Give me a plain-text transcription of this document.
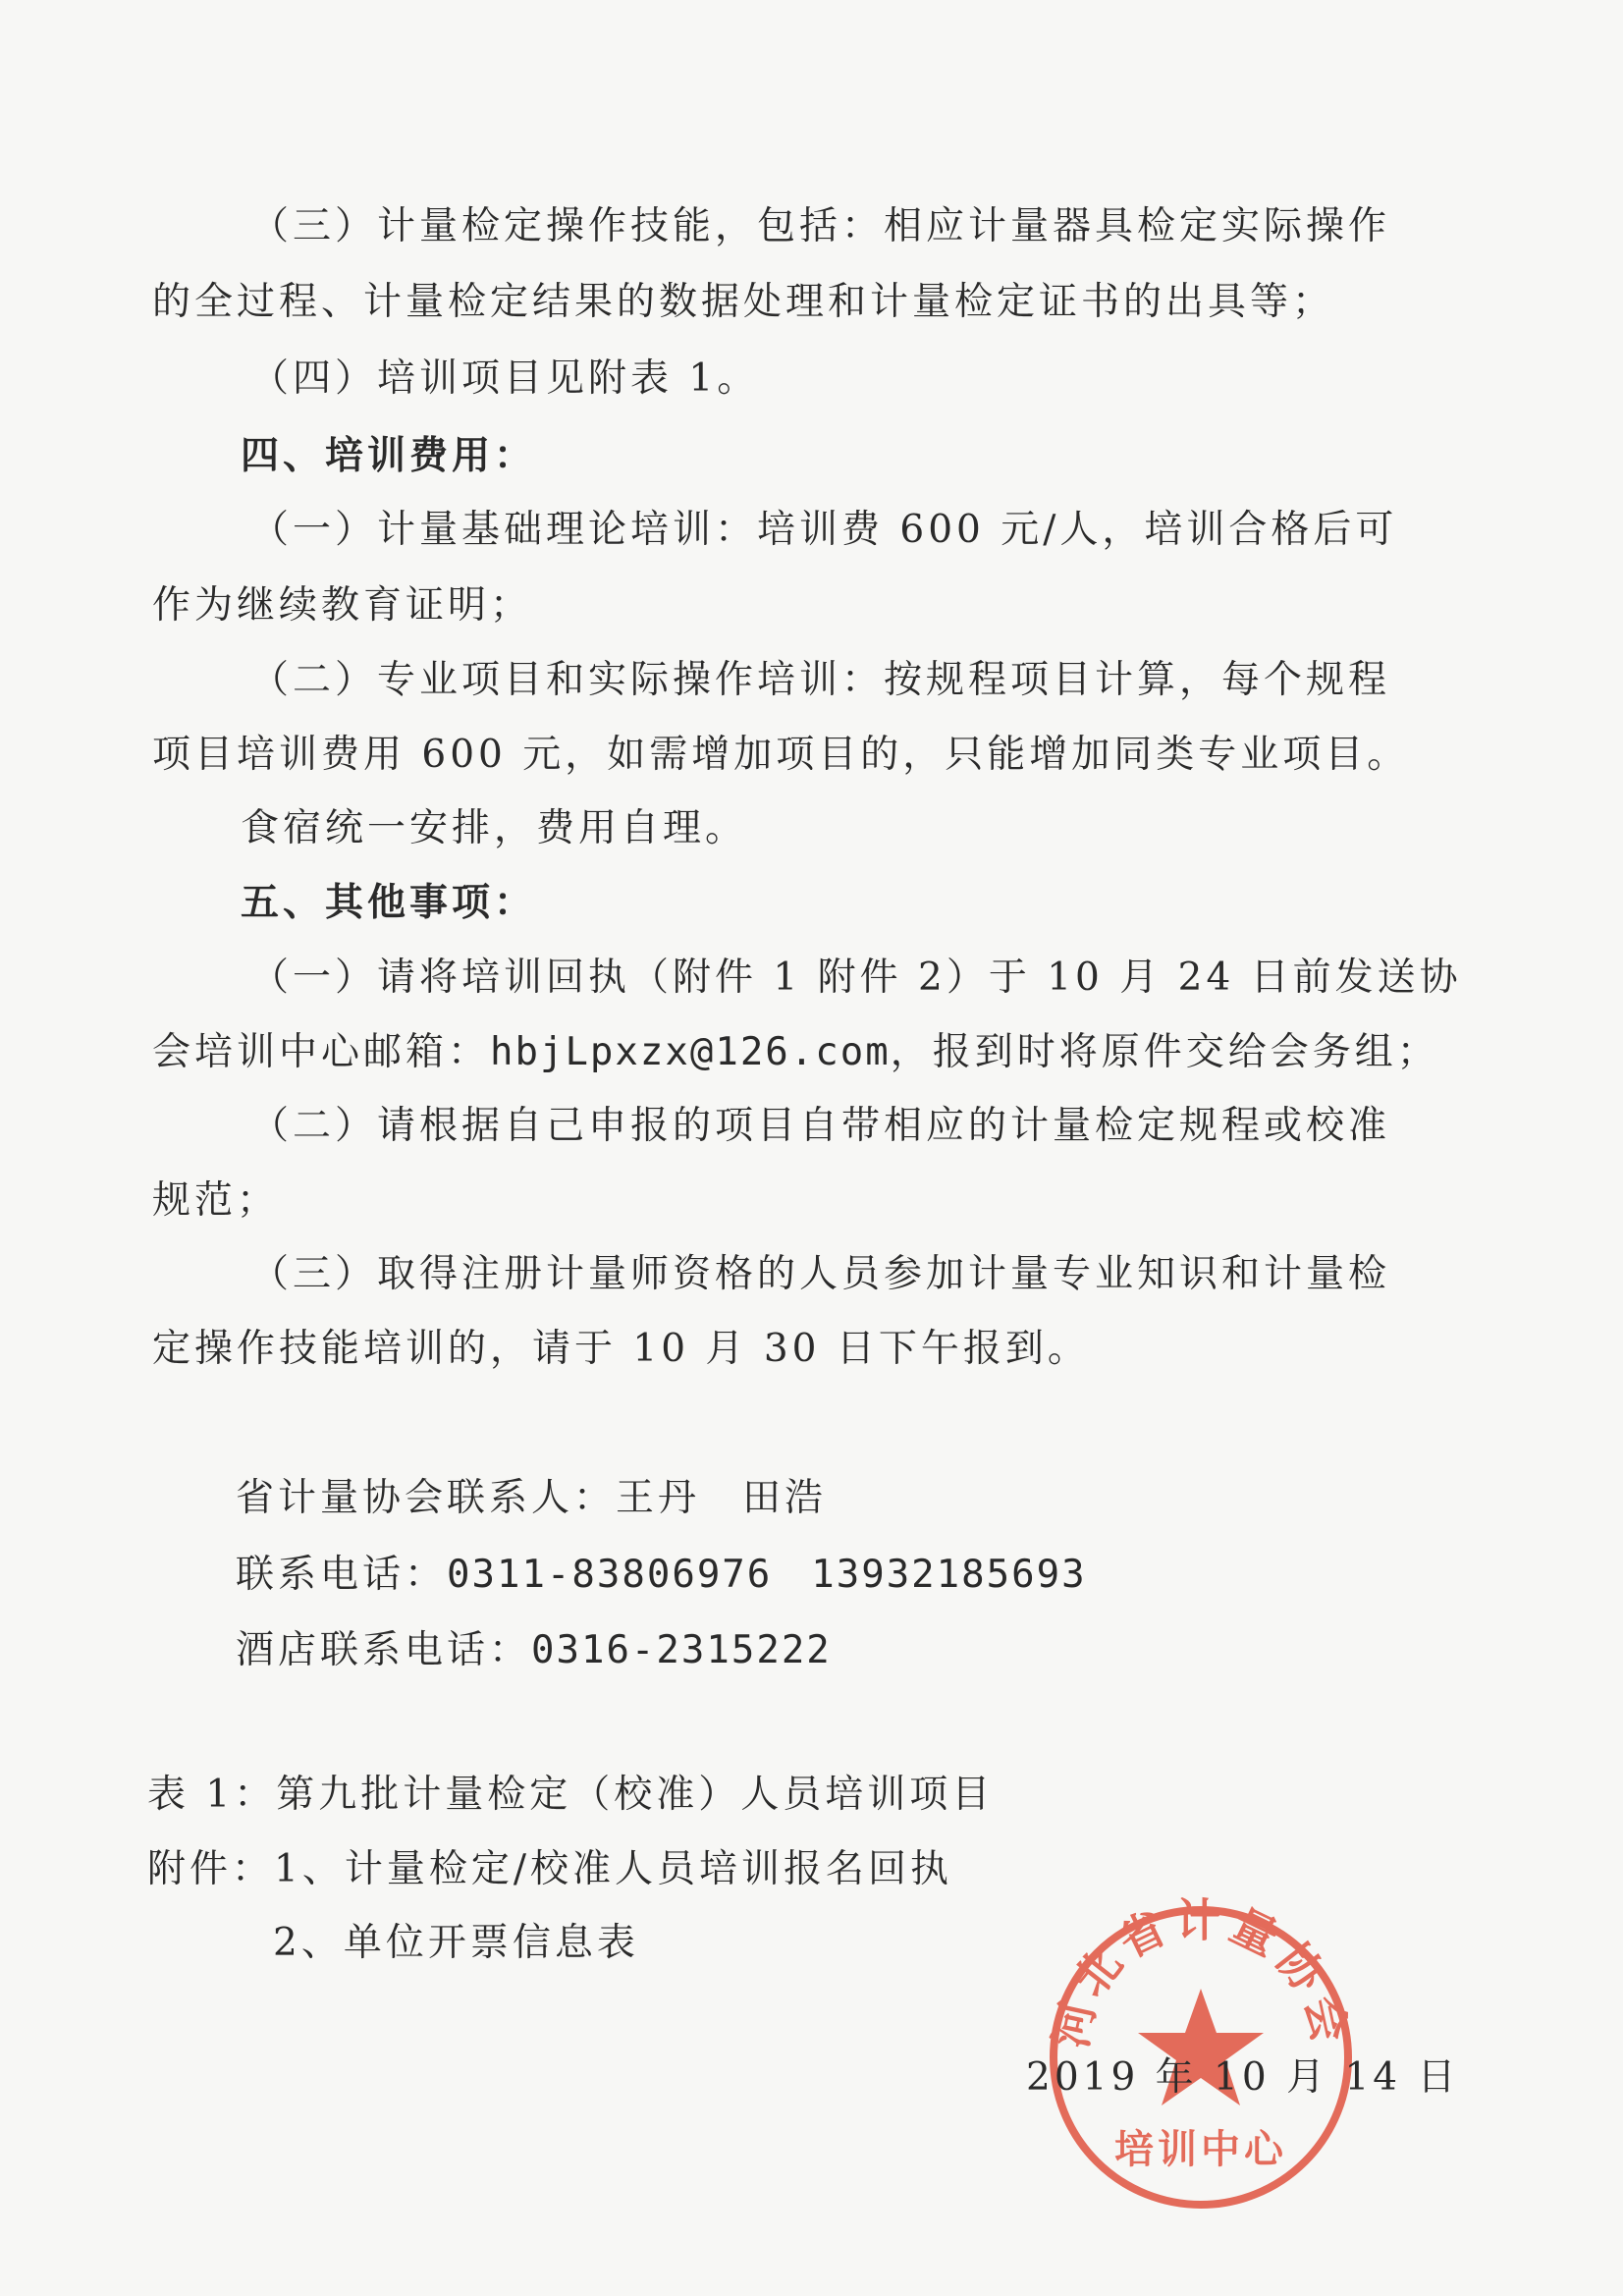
（三）计量检定操作技能，包括：相应计量器具检定实际操作
的全过程、计量检定结果的数据处理和计量检定证书的出具等；
（四）培训项目见附表 1。
四、培训费用：
（一）计量基础理论培训：培训费 600 元/人，培训合格后可
作为继续教育证明；
（二）专业项目和实际操作培训：按规程项目计算，每个规程
项目培训费用 600 元，如需增加项目的，只能增加同类专业项目。
食宿统一安排，费用自理。
五、其他事项：
（一）请将培训回执（附件 1 附件 2）于 10 月 24 日前发送协
会培训中心邮箱：hbjLpxzx@126.com，报到时将原件交给会务组；
（二）请根据自己申报的项目自带相应的计量检定规程或校准
规范；
（三）取得注册计量师资格的人员参加计量专业知识和计量检
定操作技能培训的，请于 10 月 30 日下午报到。
省计量协会联系人：王丹　田浩
联系电话：0311-83806976 13932185693
酒店联系电话：0316-2315222
表 1：第九批计量检定（校准）人员培训项目
附件：1、计量检定/校准人员培训报名回执
2、单位开票信息表
河北省计量协会
培训中心
2019 年 10 月 14 日
